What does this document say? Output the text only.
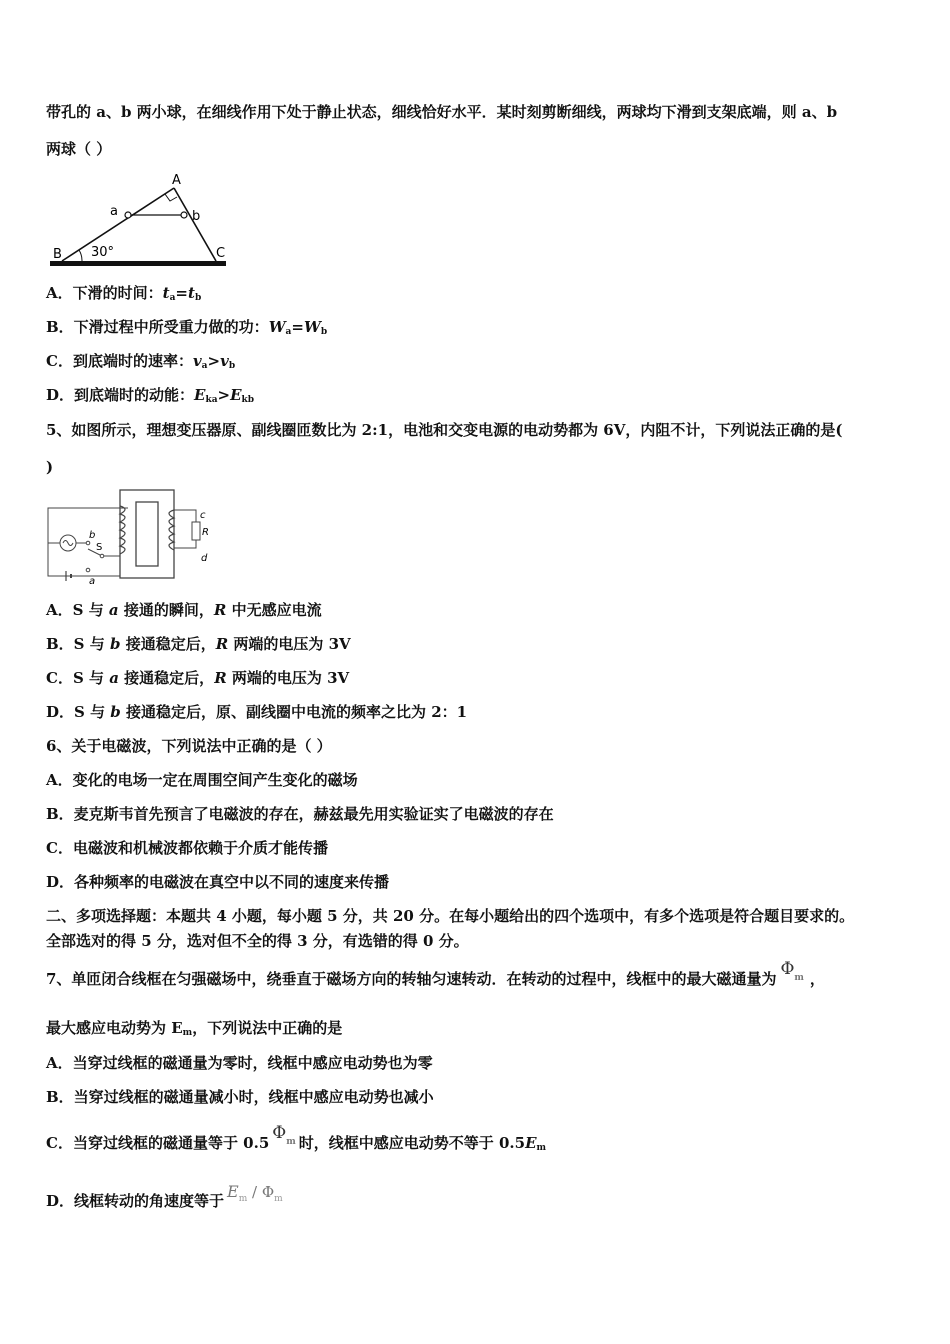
带孔的 a、b 两小球，在细线作用下处于静止状态，细线恰好水平．某时刻剪断细线，两球均下滑到支架底端，则 a、b
两球（ ）
A
a	b
B	C
30°
A．下滑的时间：$t_a=t_b$
B．下滑过程中所受重力做的功：$W_a=W_b$
C．到底端时的速率：$v_a>v_b$
D．到底端时的动能：$E_{ka}>E_{kb}$
5、如图所示，理想变压器原、副线圈匝数比为 2:1，电池和交变电源的电动势都为 6V，内阻不计，下列说法正确的是(
)
b
S
a
c
R
d
A．S 与 a 接通的瞬间，R 中无感应电流
B．S 与 b 接通稳定后，R 两端的电压为 3V
C．S 与 a 接通稳定后，R 两端的电压为 3V
D．S 与 b 接通稳定后，原、副线圈中电流的频率之比为 2：1
6、关于电磁波，下列说法中正确的是（ ）
A．变化的电场一定在周围空间产生变化的磁场
B．麦克斯韦首先预言了电磁波的存在，赫兹最先用实验证实了电磁波的存在
C．电磁波和机械波都依赖于介质才能传播
D．各种频率的电磁波在真空中以不同的速度来传播
二、多项选择题：本题共 4 小题，每小题 5 分，共 20 分。在每小题给出的四个选项中，有多个选项是符合题目要求的。
全部选对的得 5 分，选对但不全的得 3 分，有选错的得 0 分。
7、单匝闭合线框在匀强磁场中，绕垂直于磁场方向的转轴匀速转动．在转动的过程中，线框中的最大磁通量为 $\Phi_m$ ，
最大感应电动势为 $E_m$，下列说法中正确的是
A．当穿过线框的磁通量为零时，线框中感应电动势也为零
B．当穿过线框的磁通量减小时，线框中感应电动势也减小
C．当穿过线框的磁通量等于 0.5 $\Phi_m$ 时，线框中感应电动势不等于 $0.5E_m$
D．线框转动的角速度等于 $E_m / \Phi_m$
